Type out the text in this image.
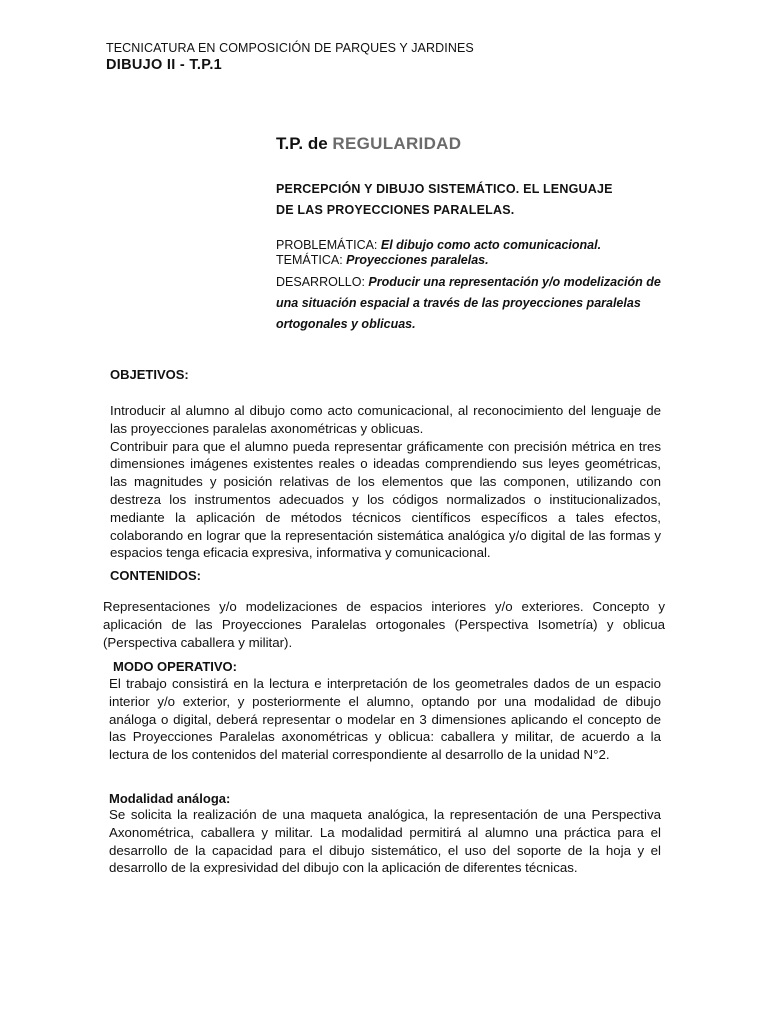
TECNICATURA EN COMPOSICIÓN DE PARQUES Y JARDINES
DIBUJO II - T.P.1
T.P. de REGULARIDAD
PERCEPCIÓN Y DIBUJO SISTEMÁTICO. EL LENGUAJE
DE LAS PROYECCIONES PARALELAS.
PROBLEMÁTICA: El dibujo como acto comunicacional.
TEMÁTICA: Proyecciones paralelas.
DESARROLLO: Producir una representación y/o modelización de una situación espacial a través de las proyecciones paralelas ortogonales y oblicuas.
OBJETIVOS:

Introducir al alumno al dibujo como acto comunicacional, al reconocimiento del lenguaje de las proyecciones paralelas axonométricas y oblicuas.

Contribuir para que el alumno pueda representar gráficamente con precisión métrica en tres dimensiones imágenes existentes reales o ideadas comprendiendo sus leyes geométricas, las magnitudes y posición relativas de los elementos que las componen, utilizando con destreza los instrumentos adecuados y los códigos normalizados o institucionalizados, mediante la aplicación de métodos técnicos científicos específicos a tales efectos, colaborando en lograr que la representación sistemática analógica y/o digital de las formas y espacios tenga eficacia expresiva, informativa y comunicacional.

CONTENIDOS:

Representaciones y/o modelizaciones de espacios interiores y/o exteriores. Concepto y aplicación de las Proyecciones Paralelas ortogonales (Perspectiva Isometría) y oblicua (Perspectiva caballera y militar).

MODO OPERATIVO:

El trabajo consistirá en la lectura e interpretación de los geometrales dados de un espacio interior y/o exterior, y posteriormente el alumno, optando por una modalidad de dibujo análoga o digital, deberá representar o modelar en 3 dimensiones aplicando el concepto de las Proyecciones Paralelas axonométricas y oblicua: caballera y militar, de acuerdo a la lectura de los contenidos del material correspondiente al desarrollo de la unidad N°2.

Modalidad análoga:

Se solicita la realización de una maqueta analógica, la representación de una Perspectiva Axonométrica, caballera y militar. La modalidad permitirá al alumno una práctica para el desarrollo de la capacidad para el dibujo sistemático, el uso del soporte de la hoja y el desarrollo de la expresividad del dibujo con la aplicación de diferentes técnicas.
